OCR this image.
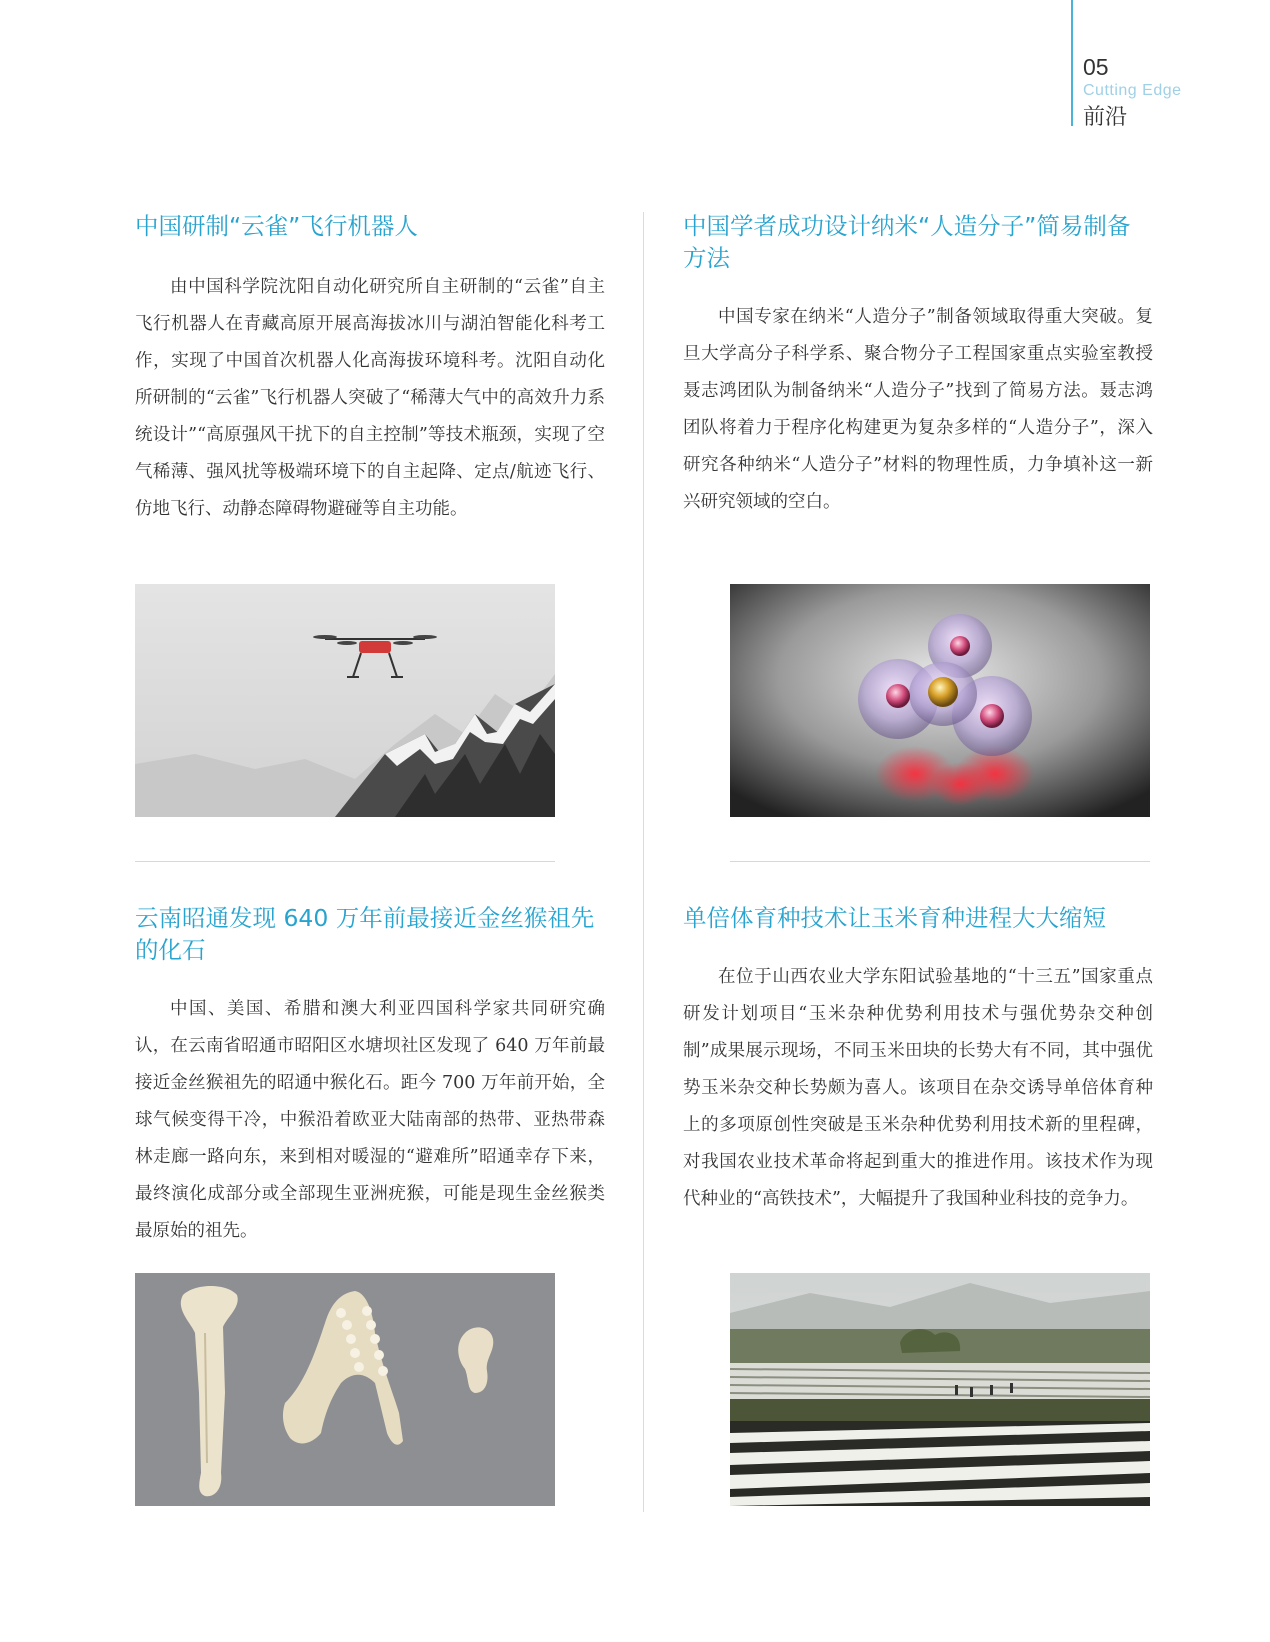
05
Cutting Edge
前沿
中国研制“云雀”飞行机器人

由中国科学院沈阳自动化研究所自主研制的“云雀”自主飞行机器人在青藏高原开展高海拔冰川与湖泊智能化科考工作，实现了中国首次机器人化高海拔环境科考。沈阳自动化所研制的“云雀”飞行机器人突破了“稀薄大气中的高效升力系统设计”“高原强风干扰下的自主控制”等技术瓶颈，实现了空气稀薄、强风扰等极端环境下的自主起降、定点/航迹飞行、仿地飞行、动静态障碍物避碰等自主功能。

中国学者成功设计纳米“人造分子”简易制备方法

中国专家在纳米“人造分子”制备领域取得重大突破。复旦大学高分子科学系、聚合物分子工程国家重点实验室教授聂志鸿团队为制备纳米“人造分子”找到了简易方法。聂志鸿团队将着力于程序化构建更为复杂多样的“人造分子”，深入研究各种纳米“人造分子”材料的物理性质，力争填补这一新兴研究领域的空白。

云南昭通发现 640 万年前最接近金丝猴祖先的化石

中国、美国、希腊和澳大利亚四国科学家共同研究确认，在云南省昭通市昭阳区水塘坝社区发现了 640 万年前最接近金丝猴祖先的昭通中猴化石。距今 700 万年前开始，全球气候变得干冷，中猴沿着欧亚大陆南部的热带、亚热带森林走廊一路向东，来到相对暖湿的“避难所”昭通幸存下来，最终演化成部分或全部现生亚洲疣猴，可能是现生金丝猴类最原始的祖先。

单倍体育种技术让玉米育种进程大大缩短

在位于山西农业大学东阳试验基地的“十三五”国家重点研发计划项目“玉米杂种优势利用技术与强优势杂交种创制”成果展示现场，不同玉米田块的长势大有不同，其中强优势玉米杂交种长势颇为喜人。该项目在杂交诱导单倍体育种上的多项原创性突破是玉米杂种优势利用技术新的里程碑，对我国农业技术革命将起到重大的推进作用。该技术作为现代种业的“高铁技术”，大幅提升了我国种业科技的竞争力。
